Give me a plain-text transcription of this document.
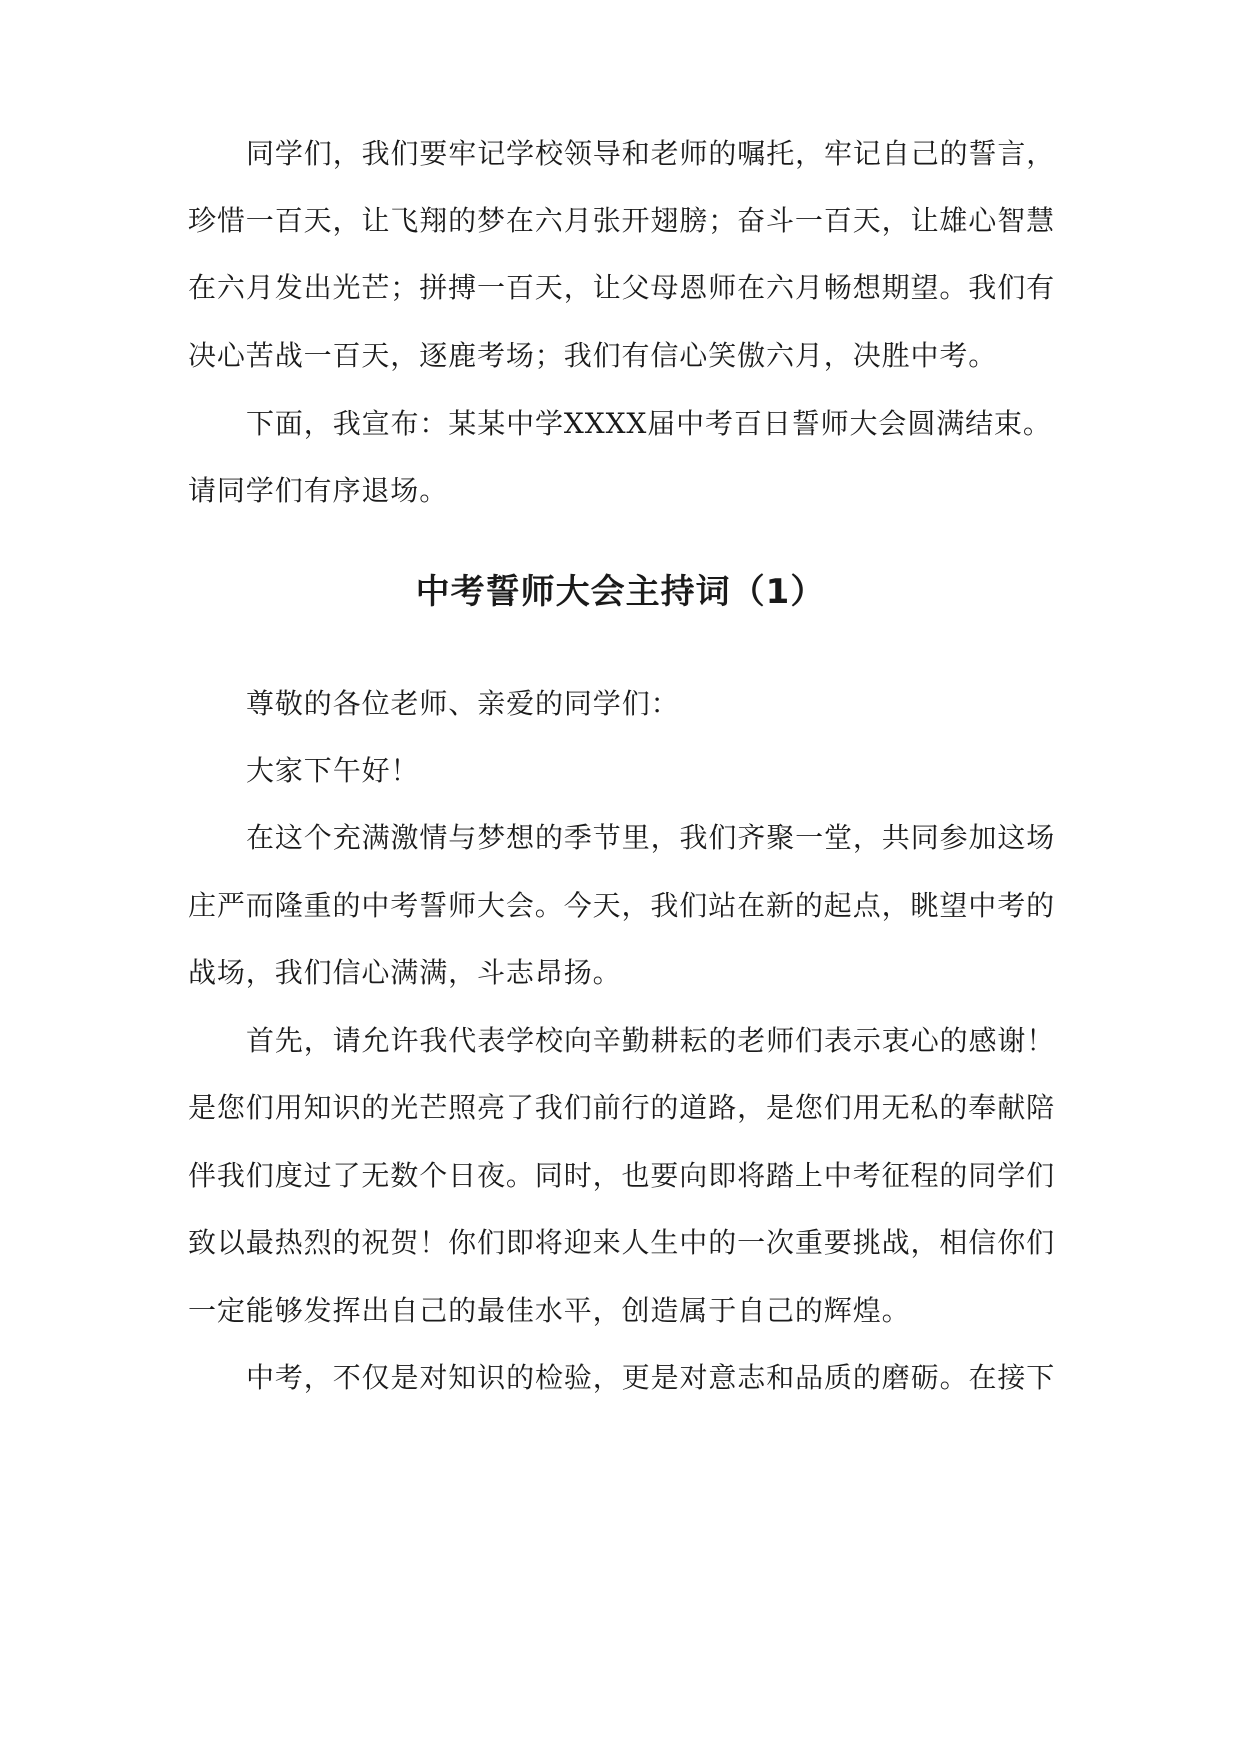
同学们，我们要牢记学校领导和老师的嘱托，牢记自己的誓言，
珍惜一百天，让飞翔的梦在六月张开翅膀；奋斗一百天，让雄心智慧
在六月发出光芒；拼搏一百天，让父母恩师在六月畅想期望。我们有
决心苦战一百天，逐鹿考场；我们有信心笑傲六月，决胜中考。
下面，我宣布：某某中学XXXX届中考百日誓师大会圆满结束。
请同学们有序退场。
中考誓师大会主持词（1）
尊敬的各位老师、亲爱的同学们：
大家下午好！
在这个充满激情与梦想的季节里，我们齐聚一堂，共同参加这场
庄严而隆重的中考誓师大会。今天，我们站在新的起点，眺望中考的
战场，我们信心满满，斗志昂扬。
首先，请允许我代表学校向辛勤耕耘的老师们表示衷心的感谢！
是您们用知识的光芒照亮了我们前行的道路，是您们用无私的奉献陪
伴我们度过了无数个日夜。同时，也要向即将踏上中考征程的同学们
致以最热烈的祝贺！你们即将迎来人生中的一次重要挑战，相信你们
一定能够发挥出自己的最佳水平，创造属于自己的辉煌。
中考，不仅是对知识的检验，更是对意志和品质的磨砺。在接下
